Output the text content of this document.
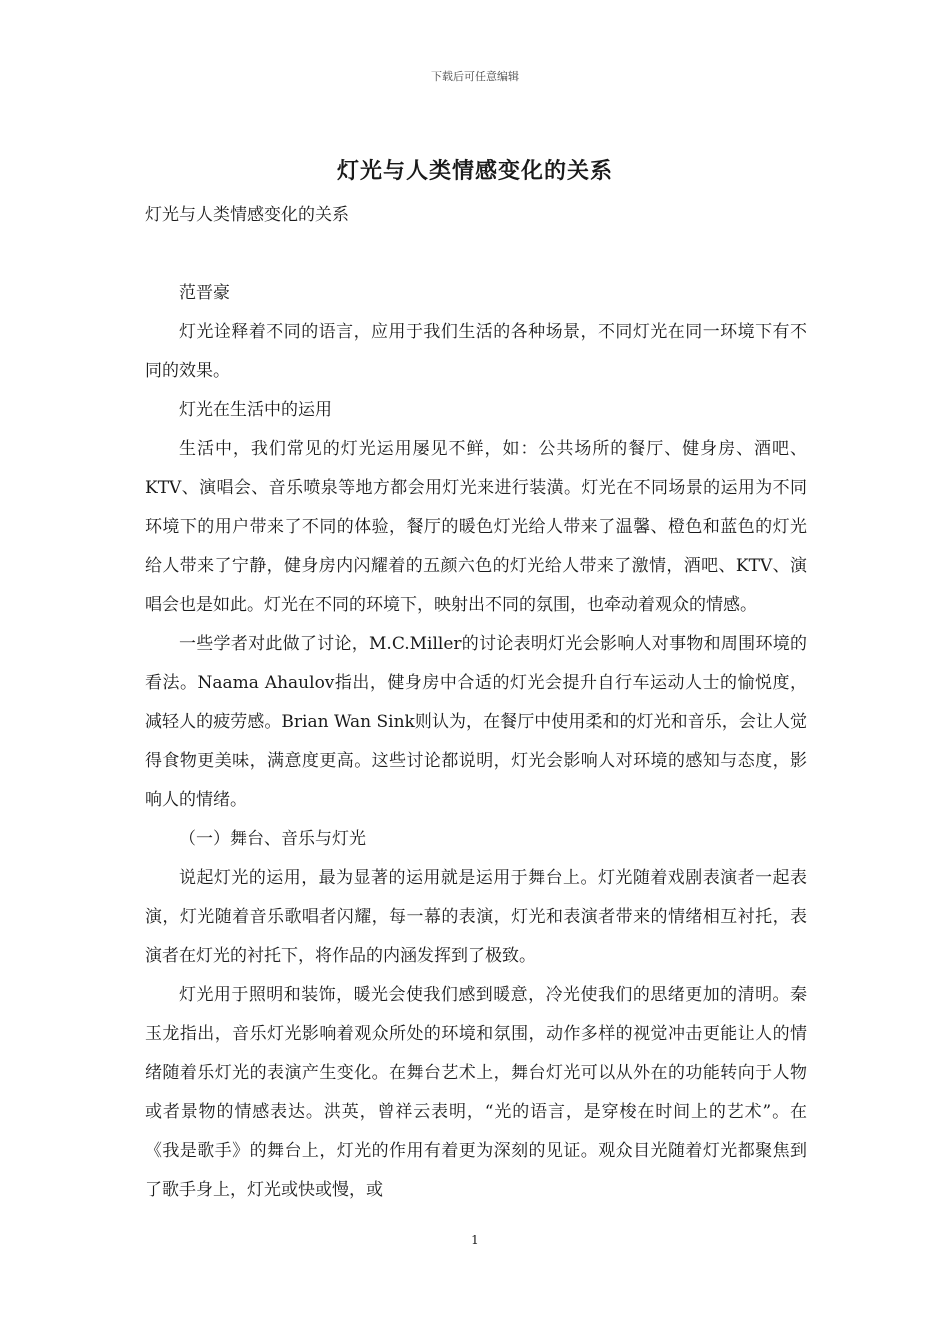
下载后可任意编辑
灯光与人类情感变化的关系

灯光与人类情感变化的关系

范晋豪

灯光诠释着不同的语言，应用于我们生活的各种场景，不同灯光在同一环境下有不同的效果。

灯光在生活中的运用

生活中，我们常见的灯光运用屡见不鲜，如：公共场所的餐厅、健身房、酒吧、KTV、演唱会、音乐喷泉等地方都会用灯光来进行装潢。灯光在不同场景的运用为不同环境下的用户带来了不同的体验，餐厅的暖色灯光给人带来了温馨、橙色和蓝色的灯光给人带来了宁静，健身房内闪耀着的五颜六色的灯光给人带来了激情，酒吧、KTV、演唱会也是如此。灯光在不同的环境下，映射出不同的氛围，也牵动着观众的情感。

一些学者对此做了讨论，M.C.Miller的讨论表明灯光会影响人对事物和周围环境的看法。Naama Ahaulov指出，健身房中合适的灯光会提升自行车运动人士的愉悦度，减轻人的疲劳感。Brian Wan Sink则认为，在餐厅中使用柔和的灯光和音乐，会让人觉得食物更美味，满意度更高。这些讨论都说明，灯光会影响人对环境的感知与态度，影响人的情绪。

（一）舞台、音乐与灯光

说起灯光的运用，最为显著的运用就是运用于舞台上。灯光随着戏剧表演者一起表演，灯光随着音乐歌唱者闪耀，每一幕的表演，灯光和表演者带来的情绪相互衬托，表演者在灯光的衬托下，将作品的内涵发挥到了极致。

灯光用于照明和装饰，暖光会使我们感到暖意，冷光使我们的思绪更加的清明。秦玉龙指出，音乐灯光影响着观众所处的环境和氛围，动作多样的视觉冲击更能让人的情绪随着乐灯光的表演产生变化。在舞台艺术上，舞台灯光可以从外在的功能转向于人物或者景物的情感表达。洪英，曾祥云表明，“光的语言，是穿梭在时间上的艺术”。在《我是歌手》的舞台上，灯光的作用有着更为深刻的见证。观众目光随着灯光都聚焦到了歌手身上，灯光或快或慢，或

1
